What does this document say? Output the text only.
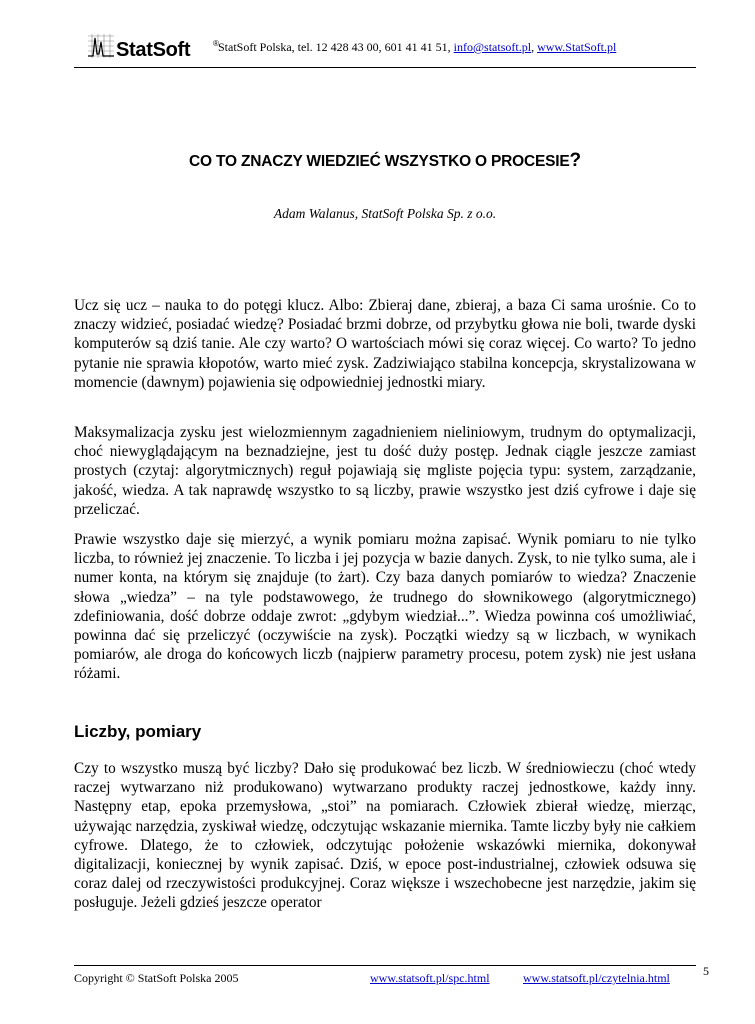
StatSoft	® StatSoft Polska, tel. 12 428 43 00, 601 41 41 51, info@statsoft.pl, www.StatSoft.pl
CO TO ZNACZY WIEDZIEĆ WSZYSTKO O PROCESIE?
Adam Walanus, StatSoft Polska Sp. z o.o.

Ucz się ucz – nauka to do potęgi klucz. Albo: Zbieraj dane, zbieraj, a baza Ci sama urośnie. Co to znaczy widzieć, posiadać wiedzę? Posiadać brzmi dobrze, od przybytku głowa nie boli, twarde dyski komputerów są dziś tanie. Ale czy warto? O wartościach mówi się coraz więcej. Co warto? To jedno pytanie nie sprawia kłopotów, warto mieć zysk. Zadziwiająco stabilna koncepcja, skrystalizowana w momencie (dawnym) pojawienia się odpowiedniej jednostki miary.

Maksymalizacja zysku jest wielozmiennym zagadnieniem nieliniowym, trudnym do optymalizacji, choć niewyglądającym na beznadziejne, jest tu dość duży postęp. Jednak ciągle jeszcze zamiast prostych (czytaj: algorytmicznych) reguł pojawiają się mgliste pojęcia typu: system, zarządzanie, jakość, wiedza. A tak naprawdę wszystko to są liczby, prawie wszystko jest dziś cyfrowe i daje się przeliczać.

Prawie wszystko daje się mierzyć, a wynik pomiaru można zapisać. Wynik pomiaru to nie tylko liczba, to również jej znaczenie. To liczba i jej pozycja w bazie danych. Zysk, to nie tylko suma, ale i numer konta, na którym się znajduje (to żart). Czy baza danych pomiarów to wiedza? Znaczenie słowa „wiedza” – na tyle podstawowego, że trudnego do słownikowego (algorytmicznego) zdefiniowania, dość dobrze oddaje zwrot: „gdybym wiedział...”. Wiedza powinna coś umożliwiać, powinna dać się przeliczyć (oczywiście na zysk). Początki wiedzy są w liczbach, w wynikach pomiarów, ale droga do końcowych liczb (najpierw parametry procesu, potem zysk) nie jest usłana różami.

Liczby, pomiary

Czy to wszystko muszą być liczby? Dało się produkować bez liczb. W średniowieczu (choć wtedy raczej wytwarzano niż produkowano) wytwarzano produkty raczej jednostkowe, każdy inny. Następny etap, epoka przemysłowa, „stoi” na pomiarach. Człowiek zbierał wiedzę, mierząc, używając narzędzia, zyskiwał wiedzę, odczytując wskazanie miernika. Tamte liczby były nie całkiem cyfrowe. Dlatego, że to człowiek, odczytując położenie wskazówki miernika, dokonywał digitalizacji, koniecznej by wynik zapisać. Dziś, w epoce post-industrialnej, człowiek odsuwa się coraz dalej od rzeczywistości produkcyjnej. Coraz większe i wszechobecne jest narzędzie, jakim się posługuje. Jeżeli gdzieś jeszcze operator

Copyright © StatSoft Polska 2005	www.statsoft.pl/spc.html	www.statsoft.pl/czytelnia.html	5
